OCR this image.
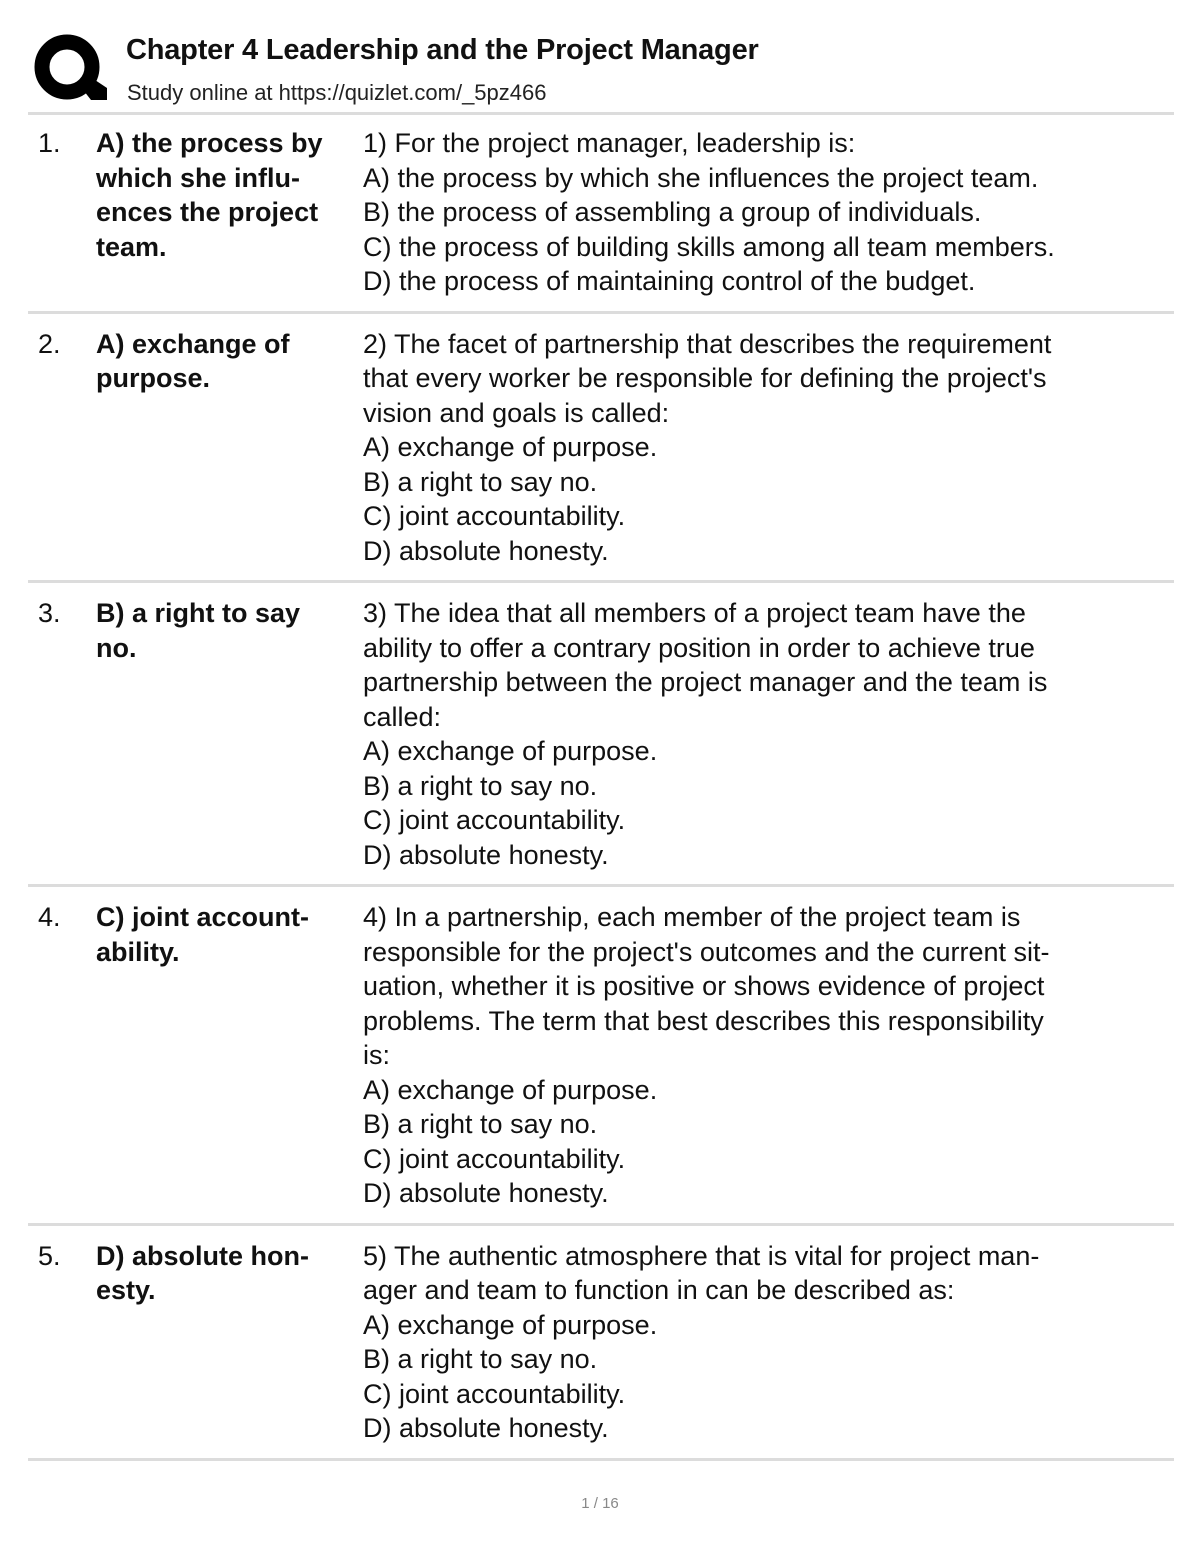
Chapter 4 Leadership and the Project Manager
Study online at https://quizlet.com/_5pz466
1. A) the process by
which she influ-
ences the project
team.
1) For the project manager, leadership is:
A) the process by which she influences the project team.
B) the process of assembling a group of individuals.
C) the process of building skills among all team members.
D) the process of maintaining control of the budget.
2. A) exchange of
purpose.
2) The facet of partnership that describes the requirement
that every worker be responsible for defining the project's
vision and goals is called:
A) exchange of purpose.
B) a right to say no.
C) joint accountability.
D) absolute honesty.
3. B) a right to say
no.
3) The idea that all members of a project team have the
ability to offer a contrary position in order to achieve true
partnership between the project manager and the team is
called:
A) exchange of purpose.
B) a right to say no.
C) joint accountability.
D) absolute honesty.
4. C) joint account-
ability.
4) In a partnership, each member of the project team is
responsible for the project's outcomes and the current sit-
uation, whether it is positive or shows evidence of project
problems. The term that best describes this responsibility
is:
A) exchange of purpose.
B) a right to say no.
C) joint accountability.
D) absolute honesty.
5. D) absolute hon-
esty.
5) The authentic atmosphere that is vital for project man-
ager and team to function in can be described as:
A) exchange of purpose.
B) a right to say no.
C) joint accountability.
D) absolute honesty.
1 / 16
